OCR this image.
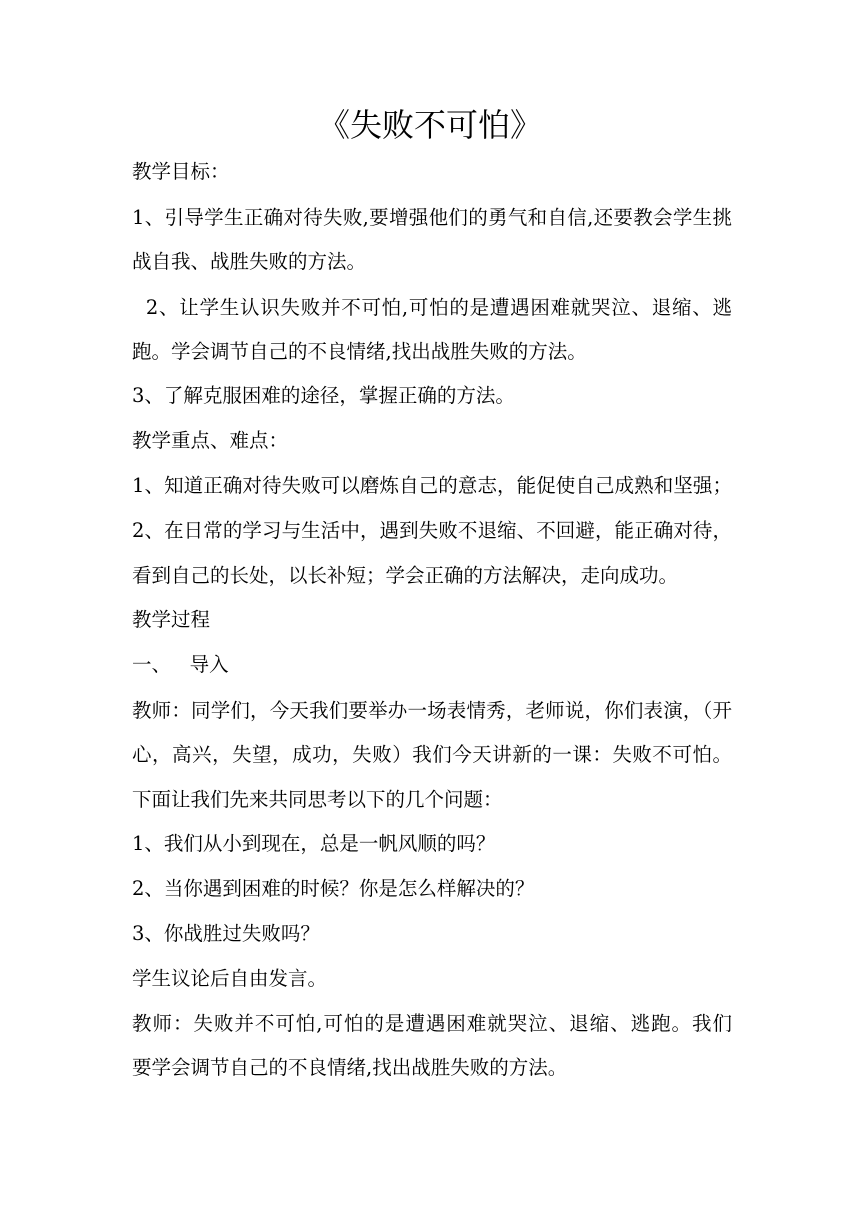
《失败不可怕》
教学目标：
1、引导学生正确对待失败,要增强他们的勇气和自信,还要教会学生挑
战自我、战胜失败的方法。
2、让学生认识失败并不可怕,可怕的是遭遇困难就哭泣、退缩、逃
跑。学会调节自己的不良情绪,找出战胜失败的方法。
3、了解克服困难的途径，掌握正确的方法。
教学重点、难点：
1、知道正确对待失败可以磨炼自己的意志，能促使自己成熟和坚强；
2、在日常的学习与生活中，遇到失败不退缩、不回避，能正确对待，
看到自己的长处，以长补短；学会正确的方法解决，走向成功。
教学过程
一、   导入
教师：同学们，今天我们要举办一场表情秀，老师说，你们表演，（开
心，高兴，失望，成功，失败）我们今天讲新的一课：失败不可怕。
下面让我们先来共同思考以下的几个问题：
1、我们从小到现在，总是一帆风顺的吗？
2、当你遇到困难的时候？你是怎么样解决的？
3、你战胜过失败吗？
学生议论后自由发言。
教师：失败并不可怕,可怕的是遭遇困难就哭泣、退缩、逃跑。我们
要学会调节自己的不良情绪,找出战胜失败的方法。
